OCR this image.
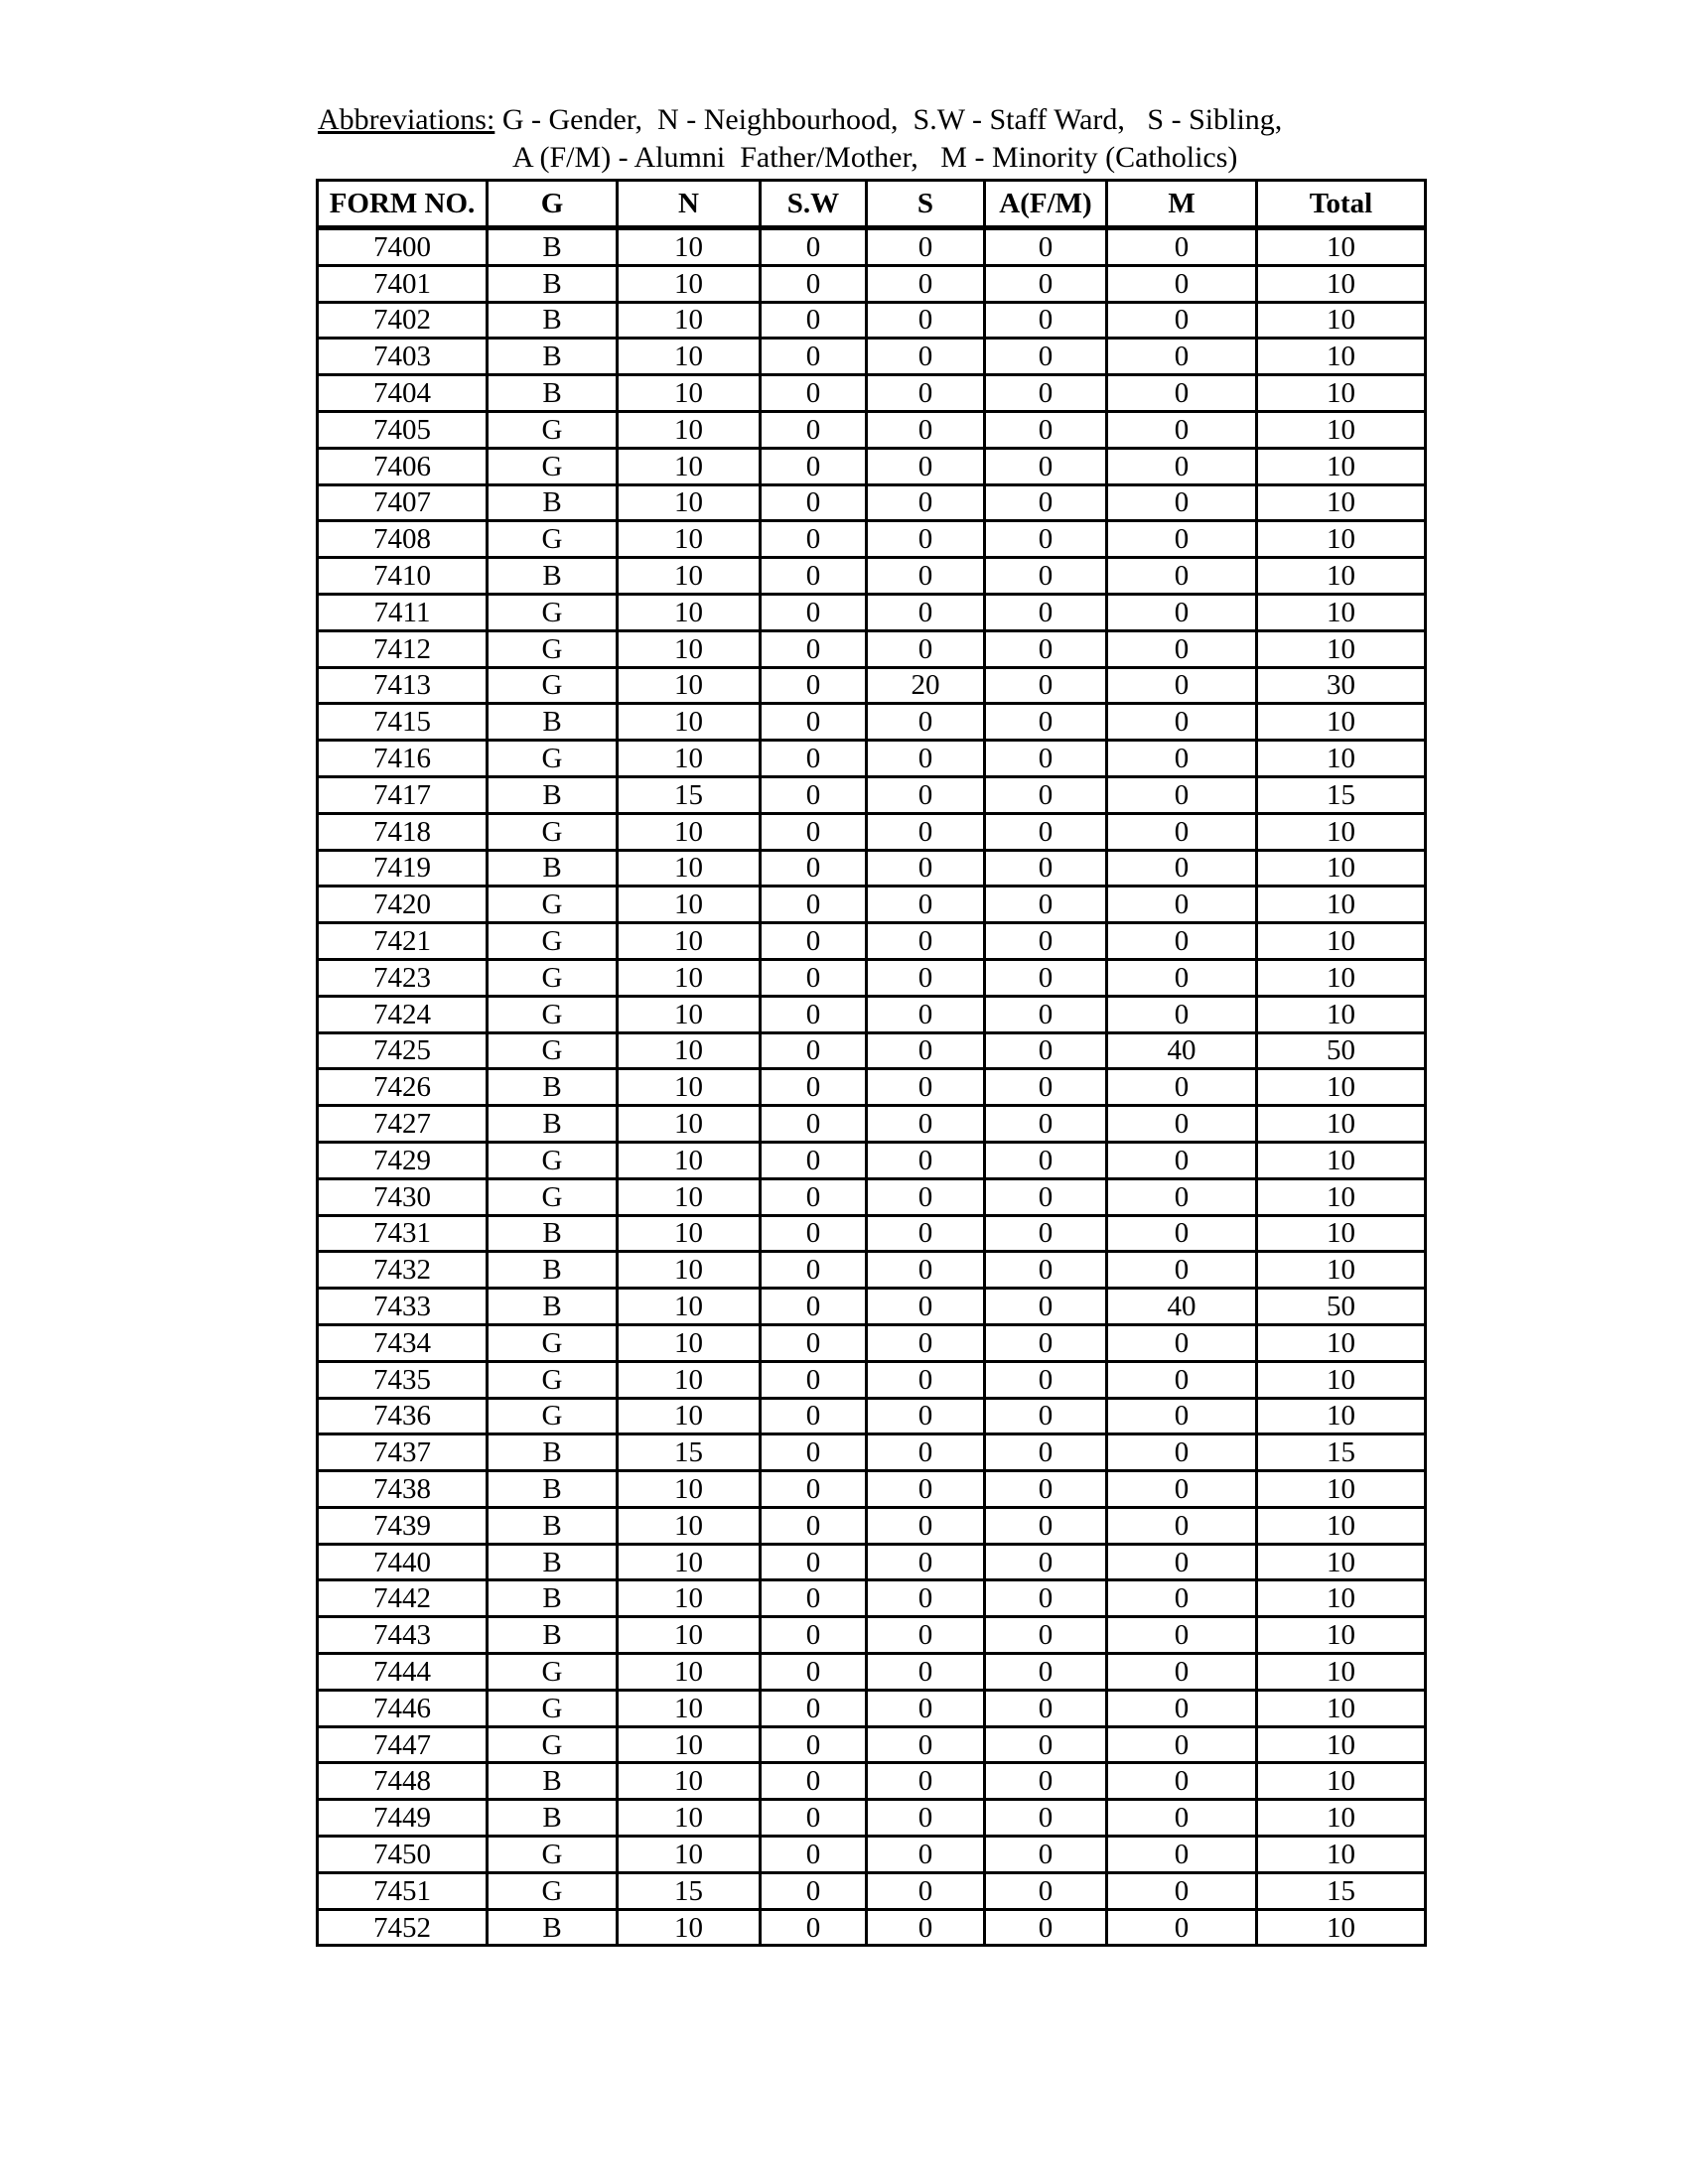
Abbreviations: G - Gender,  N - Neighbourhood,  S.W - Staff Ward,   S - Sibling,
A (F/M) - Alumni  Father/Mother,   M - Minority (Catholics)
FORM NO.	G	N	S.W	S	A(F/M)	M	Total
7400	B	10	0	0	0	0	10
7401	B	10	0	0	0	0	10
7402	B	10	0	0	0	0	10
7403	B	10	0	0	0	0	10
7404	B	10	0	0	0	0	10
7405	G	10	0	0	0	0	10
7406	G	10	0	0	0	0	10
7407	B	10	0	0	0	0	10
7408	G	10	0	0	0	0	10
7410	B	10	0	0	0	0	10
7411	G	10	0	0	0	0	10
7412	G	10	0	0	0	0	10
7413	G	10	0	20	0	0	30
7415	B	10	0	0	0	0	10
7416	G	10	0	0	0	0	10
7417	B	15	0	0	0	0	15
7418	G	10	0	0	0	0	10
7419	B	10	0	0	0	0	10
7420	G	10	0	0	0	0	10
7421	G	10	0	0	0	0	10
7423	G	10	0	0	0	0	10
7424	G	10	0	0	0	0	10
7425	G	10	0	0	0	40	50
7426	B	10	0	0	0	0	10
7427	B	10	0	0	0	0	10
7429	G	10	0	0	0	0	10
7430	G	10	0	0	0	0	10
7431	B	10	0	0	0	0	10
7432	B	10	0	0	0	0	10
7433	B	10	0	0	0	40	50
7434	G	10	0	0	0	0	10
7435	G	10	0	0	0	0	10
7436	G	10	0	0	0	0	10
7437	B	15	0	0	0	0	15
7438	B	10	0	0	0	0	10
7439	B	10	0	0	0	0	10
7440	B	10	0	0	0	0	10
7442	B	10	0	0	0	0	10
7443	B	10	0	0	0	0	10
7444	G	10	0	0	0	0	10
7446	G	10	0	0	0	0	10
7447	G	10	0	0	0	0	10
7448	B	10	0	0	0	0	10
7449	B	10	0	0	0	0	10
7450	G	10	0	0	0	0	10
7451	G	15	0	0	0	0	15
7452	B	10	0	0	0	0	10
